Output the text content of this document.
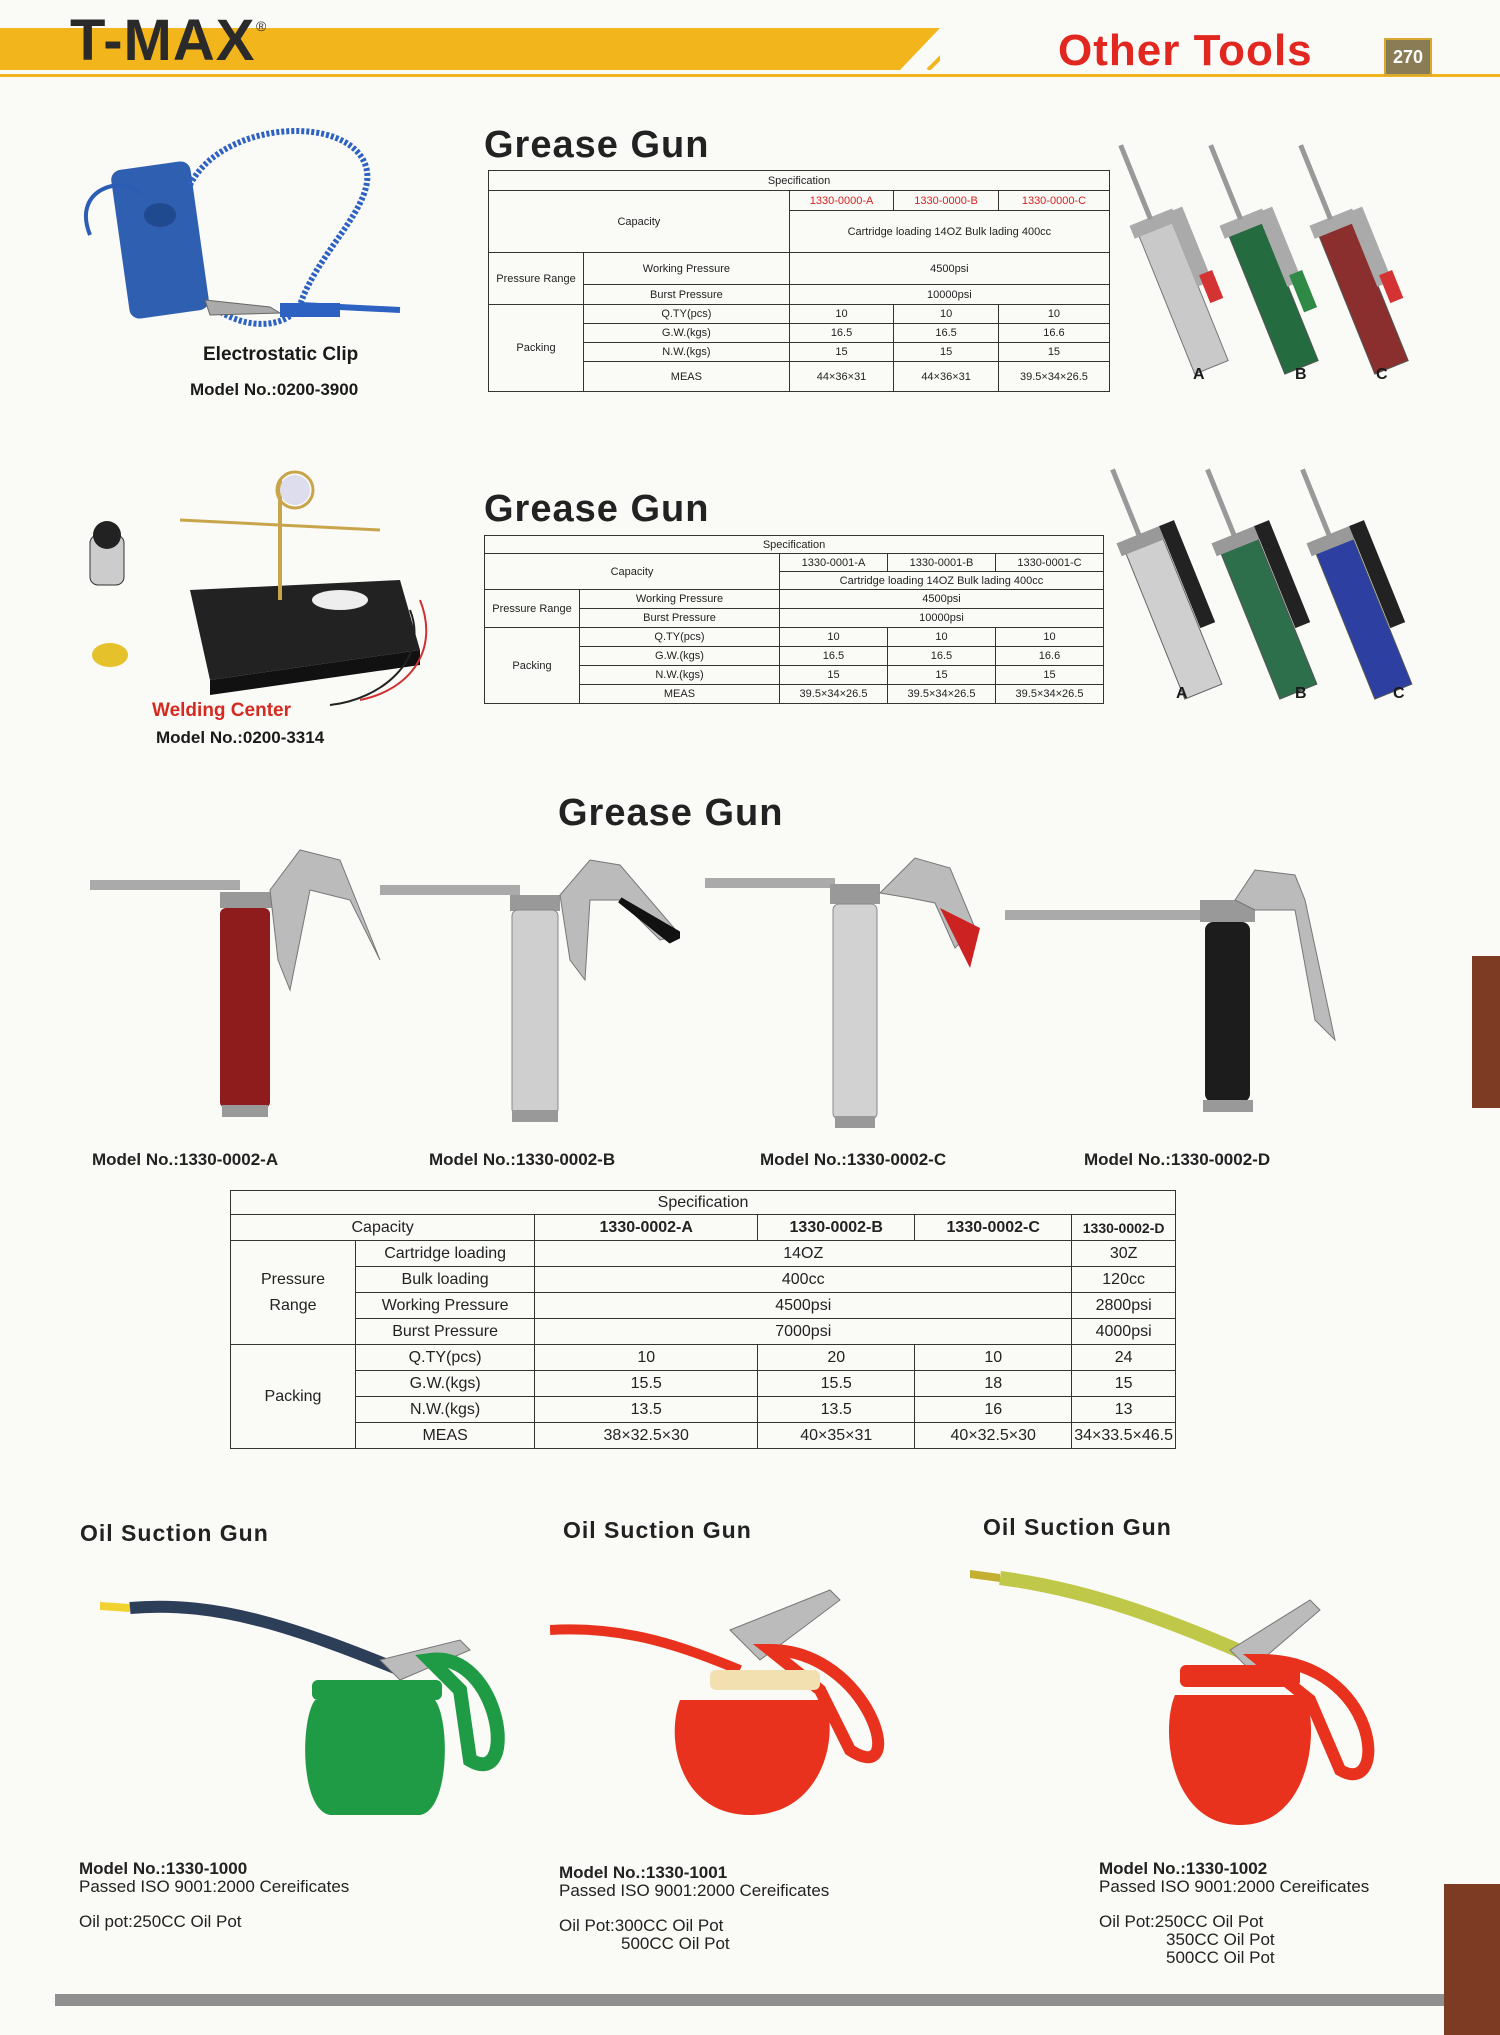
T-MAX ®	Other Tools	270
Electrostatic Clip
Model No.:0200-3900
Grease Gun
Specification				
Capacity		1330-0000-A	1330-0000-B	1330-0000-C
		Cartridge loading 14OZ Bulk lading 400cc		
Pressure Range	Working Pressure	4500psi		
	Burst Pressure	10000psi		
Packing	Q.TY(pcs)	10	10	10
	G.W.(kgs)	16.5	16.5	16.6
	N.W.(kgs)	15	15	15
	MEAS	44×36×31	44×36×31	39.5×34×26.5	A	B	C
Welding Center
Model No.:0200-3314
Grease Gun
Specification				
Capacity		1330-0001-A	1330-0001-B	1330-0001-C
		Cartridge loading 14OZ Bulk lading 400cc		
Pressure Range	Working Pressure	4500psi		
	Burst Pressure	10000psi		
Packing	Q.TY(pcs)	10	10	10
	G.W.(kgs)	16.5	16.5	16.6
	N.W.(kgs)	15	15	15
	MEAS	39.5×34×26.5	39.5×34×26.5	39.5×34×26.5	A	B	C
Grease Gun
Model No.:1330-0002-A	Model No.:1330-0002-B	Model No.:1330-0002-C	Model No.:1330-0002-D
Specification					
Capacity		1330-0002-A	1330-0002-B	1330-0002-C	1330-0002-D
Pressure
Range	Cartridge loading	14OZ			30Z
	Bulk loading	400cc			120cc
	Working Pressure	4500psi			2800psi
	Burst Pressure	7000psi			4000psi
Packing	Q.TY(pcs)	10	20	10	24
	G.W.(kgs)	15.5	15.5	18	15
	N.W.(kgs)	13.5	13.5	16	13
	MEAS	38×32.5×30	40×35×31	40×32.5×30	34×33.5×46.5
Oil Suction Gun	Oil Suction Gun	Oil Suction Gun
Model No.:1330-1000
Passed ISO 9001:2000 Cereificates
Oil pot:250CC Oil Pot
Model No.:1330-1001
Passed ISO 9001:2000 Cereificates
Oil Pot:300CC Oil Pot
500CC Oil Pot
Model No.:1330-1002
Passed ISO 9001:2000 Cereificates
Oil Pot:250CC Oil Pot
350CC Oil Pot
500CC Oil Pot
